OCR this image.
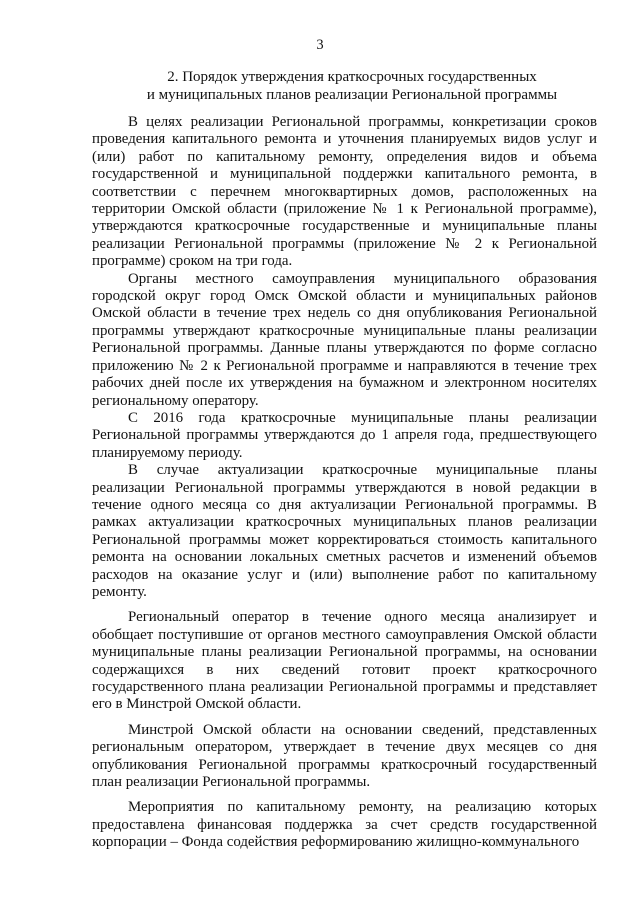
3
2. Порядок утверждения краткосрочных государственных
и муниципальных планов реализации Региональной программы

В целях реализации Региональной программы, конкретизации сроков проведения капитального ремонта и уточнения планируемых видов услуг и (или) работ по капитальному ремонту, определения видов и объема государственной и муниципальной поддержки капитального ремонта, в соответствии с перечнем многоквартирных домов, расположенных на территории Омской области (приложение № 1 к Региональной программе), утверждаются краткосрочные государственные и муниципальные планы реализации Региональной программы (приложение № 2 к Региональной программе) сроком на три года.

Органы местного самоуправления муниципального образования городской округ город Омск Омской области и муниципальных районов Омской области в течение трех недель со дня опубликования Региональной программы утверждают краткосрочные муниципальные планы реализации Региональной программы. Данные планы утверждаются по форме согласно приложению № 2 к Региональной программе и направляются в течение трех рабочих дней после их утверждения на бумажном и электронном носителях региональному оператору.

С 2016 года краткосрочные муниципальные планы реализации Региональной программы утверждаются до 1 апреля года, предшествующего планируемому периоду.

В случае актуализации краткосрочные муниципальные планы реализации Региональной программы утверждаются в новой редакции в течение одного месяца со дня актуализации Региональной программы. В рамках актуализации краткосрочных муниципальных планов реализации Региональной программы может корректироваться стоимость капитального ремонта на основании локальных сметных расчетов и изменений объемов расходов на оказание услуг и (или) выполнение работ по капитальному ремонту.

Региональный оператор в течение одного месяца анализирует и обобщает поступившие от органов местного самоуправления Омской области муниципальные планы реализации Региональной программы, на основании содержащихся в них сведений готовит проект краткосрочного государственного плана реализации Региональной программы и представляет его в Минстрой Омской области.

Минстрой Омской области на основании сведений, представленных региональным оператором, утверждает в течение двух месяцев со дня опубликования Региональной программы краткосрочный государственный план реализации Региональной программы.

Мероприятия по капитальному ремонту, на реализацию которых предоставлена финансовая поддержка за счет средств государственной корпорации – Фонда содействия реформированию жилищно-коммунального
